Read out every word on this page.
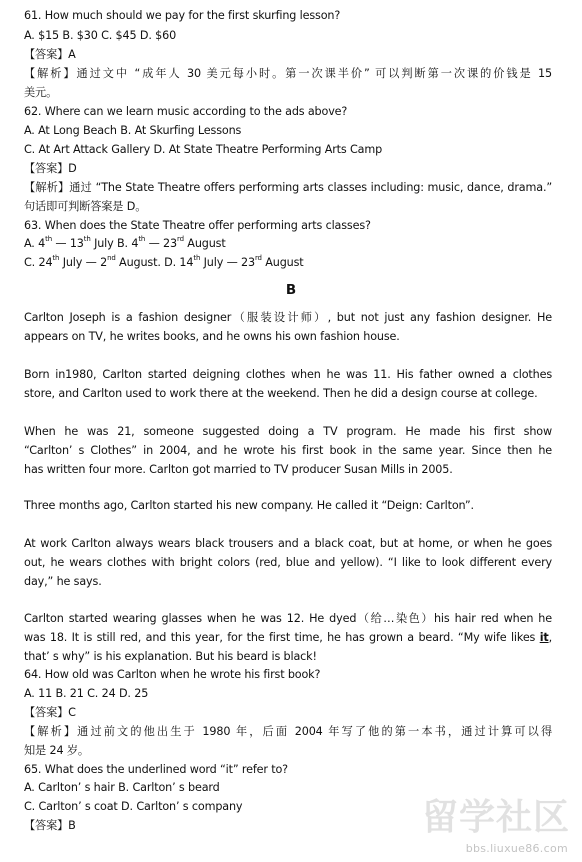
61. How much should we pay for the first skurfing lesson?
A. $15 B. $30 C. $45 D. $60
【答案】A
【解析】通过文中 “成年人 30 美元每小时。第一次课半价” 可以判断第一次课的价钱是 15
美元。
62. Where can we learn music according to the ads above?
A. At Long Beach B. At Skurfing Lessons
C. At Art Attack Gallery D. At State Theatre Performing Arts Camp
【答案】D
【解析】通过 “The State Theatre offers performing arts classes including: music, dance, drama.”
句话即可判断答案是 D。
63. When does the State Theatre offer performing arts classes?
A. 4th — 13th July B. 4th — 23rd August
C. 24th July — 2nd August. D. 14th July — 23rd August
B
Carlton Joseph is a fashion designer（服装设计师）, but not just any fashion designer. He
appears on TV, he writes books, and he owns his own fashion house.
Born in1980, Carlton started deigning clothes when he was 11. His father owned a clothes
store, and Carlton used to work there at the weekend. Then he did a design course at college.
When he was 21, someone suggested doing a TV program. He made his first show
“Carlton’ s Clothes” in 2004, and he wrote his first book in the same year. Since then he
has written four more. Carlton got married to TV producer Susan Mills in 2005.
Three months ago, Carlton started his new company. He called it “Deign: Carlton”.
At work Carlton always wears black trousers and a black coat, but at home, or when he goes
out, he wears clothes with bright colors (red, blue and yellow). “I like to look different every
day,” he says.
Carlton started wearing glasses when he was 12. He dyed（给…染色）his hair red when he
was 18. It is still red, and this year, for the first time, he has grown a beard. “My wife likes it,
that’ s why” is his explanation. But his beard is black!
64. How old was Carlton when he wrote his first book?
A. 11 B. 21 C. 24 D. 25
【答案】C
【解析】通过前文的他出生于 1980 年，后面 2004 年写了他的第一本书，通过计算可以得
知是 24 岁。
65. What does the underlined word “it” refer to?
A. Carlton’ s hair B. Carlton’ s beard
C. Carlton’ s coat D. Carlton’ s company
【答案】B	留学社区
bbs.liuxue86.com
